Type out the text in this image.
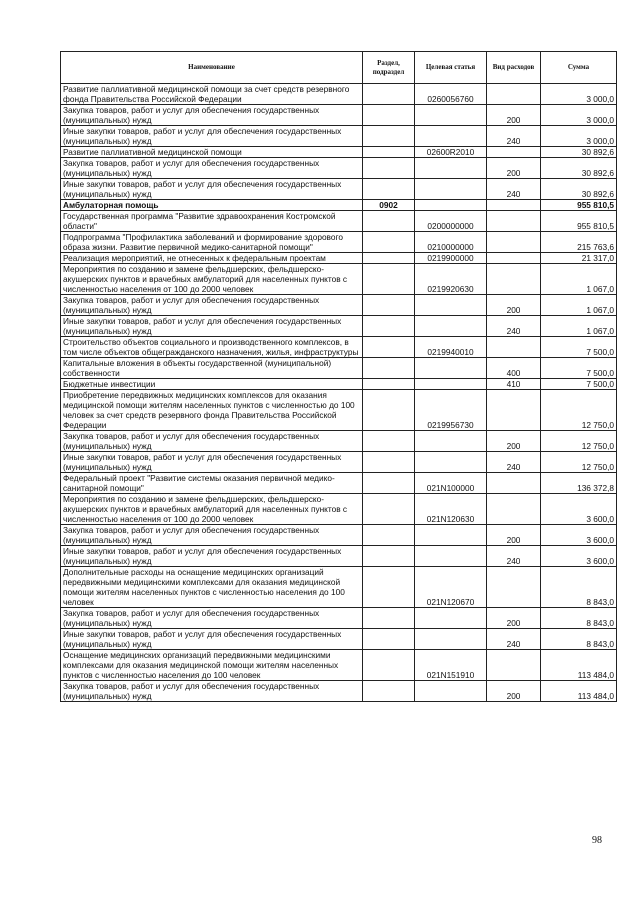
Наименование	Раздел, подраздел	Целевая статья	Вид расходов	Сумма
Развитие паллиативной медицинской помощи за счет средств резервного фонда Правительства Российской Федерации		0260056760		3 000,0
Закупка товаров, работ и услуг для обеспечения государственных (муниципальных) нужд			200	3 000,0
Иные закупки товаров, работ и услуг для обеспечения государственных (муниципальных) нужд			240	3 000,0
Развитие паллиативной медицинской помощи		02600R2010		30 892,6
Закупка товаров, работ и услуг для обеспечения государственных (муниципальных) нужд			200	30 892,6
Иные закупки товаров, работ и услуг для обеспечения государственных (муниципальных) нужд			240	30 892,6
Амбулаторная помощь	0902			955 810,5
Государственная программа "Развитие здравоохранения Костромской области"		0200000000		955 810,5
Подпрограмма "Профилактика заболеваний и формирование здорового образа жизни. Развитие первичной медико-санитарной помощи"		0210000000		215 763,6
Реализация мероприятий, не отнесенных к федеральным проектам		0219900000		21 317,0
Мероприятия по созданию и замене фельдшерских, фельдшерско-акушерских пунктов и врачебных амбулаторий для населенных пунктов с численностью населения от 100 до 2000 человек		0219920630		1 067,0
Закупка товаров, работ и услуг для обеспечения государственных (муниципальных) нужд			200	1 067,0
Иные закупки товаров, работ и услуг для обеспечения государственных (муниципальных) нужд			240	1 067,0
Строительство объектов социального и производственного комплексов, в том числе объектов общегражданского назначения, жилья, инфраструктуры		0219940010		7 500,0
Капитальные вложения в объекты государственной (муниципальной) собственности			400	7 500,0
Бюджетные инвестиции			410	7 500,0
Приобретение передвижных медицинских комплексов для оказания медицинской помощи жителям населенных пунктов с численностью до 100 человек за счет средств резервного фонда Правительства Российской Федерации		0219956730		12 750,0
Закупка товаров, работ и услуг для обеспечения государственных (муниципальных) нужд			200	12 750,0
Иные закупки товаров, работ и услуг для обеспечения государственных (муниципальных) нужд			240	12 750,0
Федеральный проект "Развитие системы оказания первичной медико-санитарной помощи"		021N100000		136 372,8
Мероприятия по созданию и замене фельдшерских, фельдшерско-акушерских пунктов и врачебных амбулаторий для населенных пунктов с численностью населения от 100 до 2000 человек		021N120630		3 600,0
Закупка товаров, работ и услуг для обеспечения государственных (муниципальных) нужд			200	3 600,0
Иные закупки товаров, работ и услуг для обеспечения государственных (муниципальных) нужд			240	3 600,0
Дополнительные расходы на оснащение медицинских организаций передвижными медицинскими комплексами для оказания медицинской помощи жителям населенных пунктов с численностью населения до 100 человек		021N120670		8 843,0
Закупка товаров, работ и услуг для обеспечения государственных (муниципальных) нужд			200	8 843,0
Иные закупки товаров, работ и услуг для обеспечения государственных (муниципальных) нужд			240	8 843,0
Оснащение медицинских организаций передвижными медицинскими комплексами для оказания медицинской помощи жителям населенных пунктов с численностью населения до 100 человек		021N151910		113 484,0
Закупка товаров, работ и услуг для обеспечения государственных (муниципальных) нужд			200	113 484,0
98
